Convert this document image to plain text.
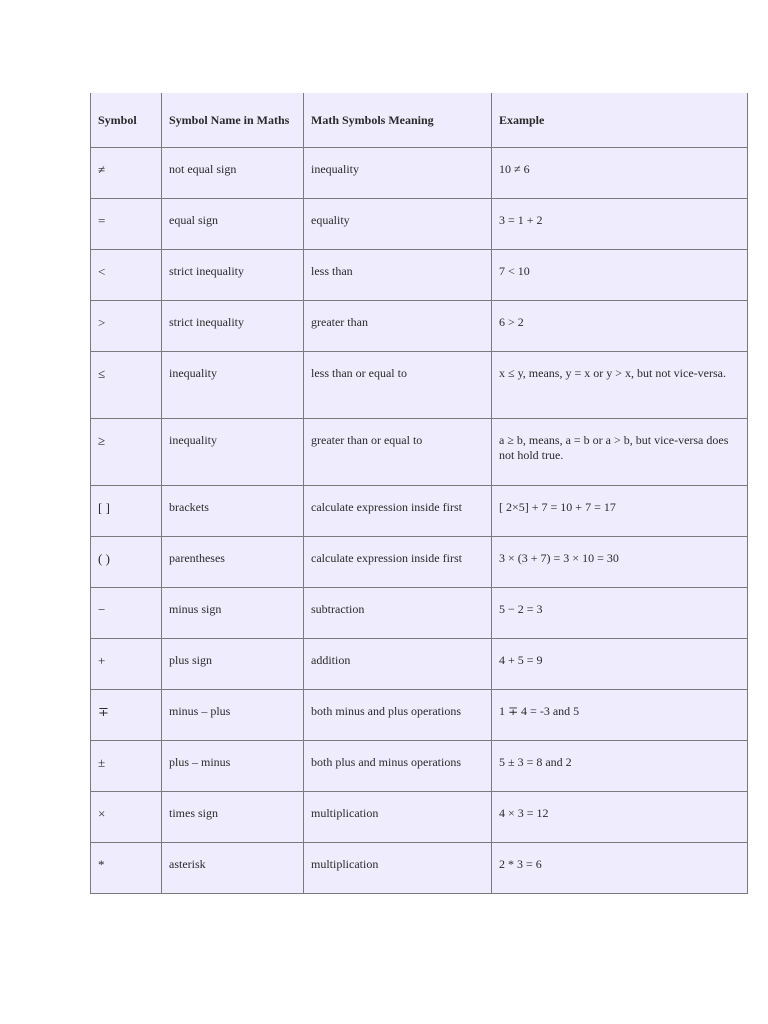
Symbol	Symbol Name in Maths	Math Symbols Meaning	Example
≠	not equal sign	inequality	10 ≠ 6
=	equal sign	equality	3 = 1 + 2
<	strict inequality	less than	7 < 10
>	strict inequality	greater than	6 > 2
≤	inequality	less than or equal to	x ≤ y, means, y = x or y > x, but not vice-versa.
≥	inequality	greater than or equal to	a ≥ b, means, a = b or a > b, but vice-versa does not hold true.
[ ]	brackets	calculate expression inside first	[ 2×5] + 7 = 10 + 7 = 17
( )	parentheses	calculate expression inside first	3 × (3 + 7) = 3 × 10 = 30
−	minus sign	subtraction	5 − 2 = 3
+	plus sign	addition	4 + 5 = 9
∓	minus – plus	both minus and plus operations	1 ∓ 4 = -3 and 5
±	plus – minus	both plus and minus operations	5 ± 3 = 8 and 2
×	times sign	multiplication	4 × 3 = 12
*	asterisk	multiplication	2 * 3 = 6
